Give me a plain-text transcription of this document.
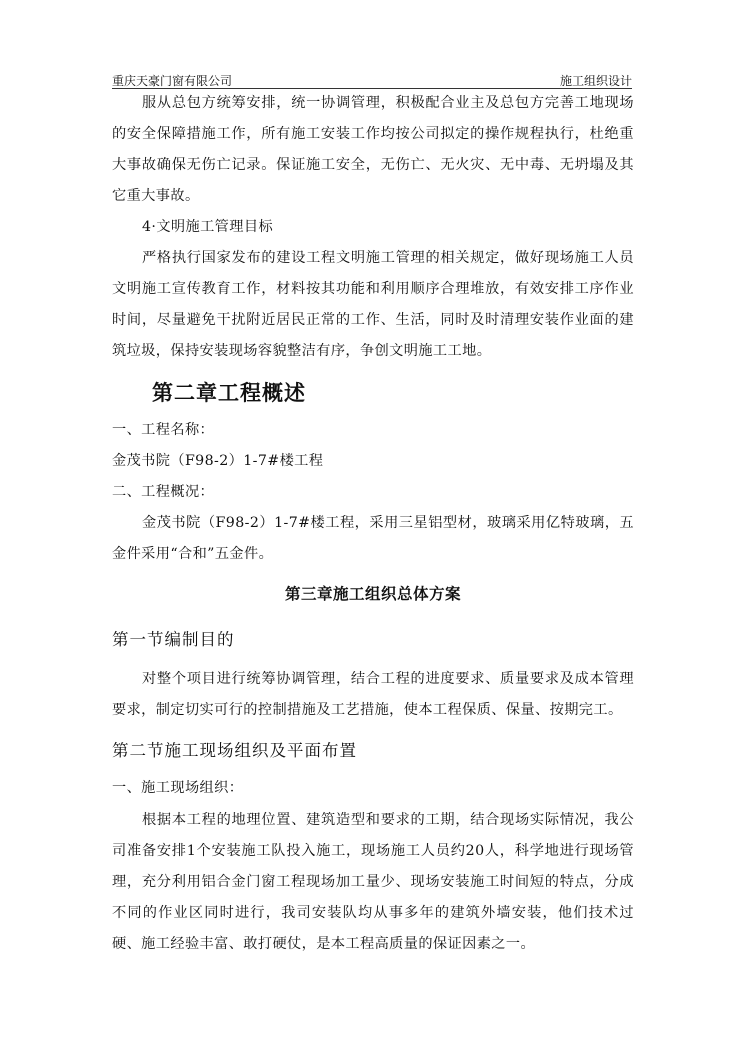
重庆天豪门窗有限公司	施工组织设计

服从总包方统筹安排，统一协调管理，积极配合业主及总包方完善工地现场的安全保障措施工作，所有施工安装工作均按公司拟定的操作规程执行，杜绝重大事故确保无伤亡记录。保证施工安全，无伤亡、无火灾、无中毒、无坍塌及其它重大事故。

4·文明施工管理目标

严格执行国家发布的建设工程文明施工管理的相关规定，做好现场施工人员文明施工宣传教育工作，材料按其功能和利用顺序合理堆放，有效安排工序作业时间，尽量避免干扰附近居民正常的工作、生活，同时及时清理安装作业面的建筑垃圾，保持安装现场容貌整洁有序，争创文明施工工地。

第二章工程概述

一、工程名称：

金茂书院（F98-2）1-7#楼工程

二、工程概况：

金茂书院（F98-2）1-7#楼工程，采用三星铝型材，玻璃采用亿特玻璃，五金件采用“合和”五金件。

第三章施工组织总体方案
第一节编制目的

对整个项目进行统筹协调管理，结合工程的进度要求、质量要求及成本管理要求，制定切实可行的控制措施及工艺措施，使本工程保质、保量、按期完工。

第二节施工现场组织及平面布置

一、施工现场组织：

根据本工程的地理位置、建筑造型和要求的工期，结合现场实际情况，我公司准备安排1个安装施工队投入施工，现场施工人员约20人，科学地进行现场管理，充分利用铝合金门窗工程现场加工量少、现场安装施工时间短的特点，分成不同的作业区同时进行，我司安装队均从事多年的建筑外墙安装，他们技术过硬、施工经验丰富、敢打硬仗，是本工程高质量的保证因素之一。
